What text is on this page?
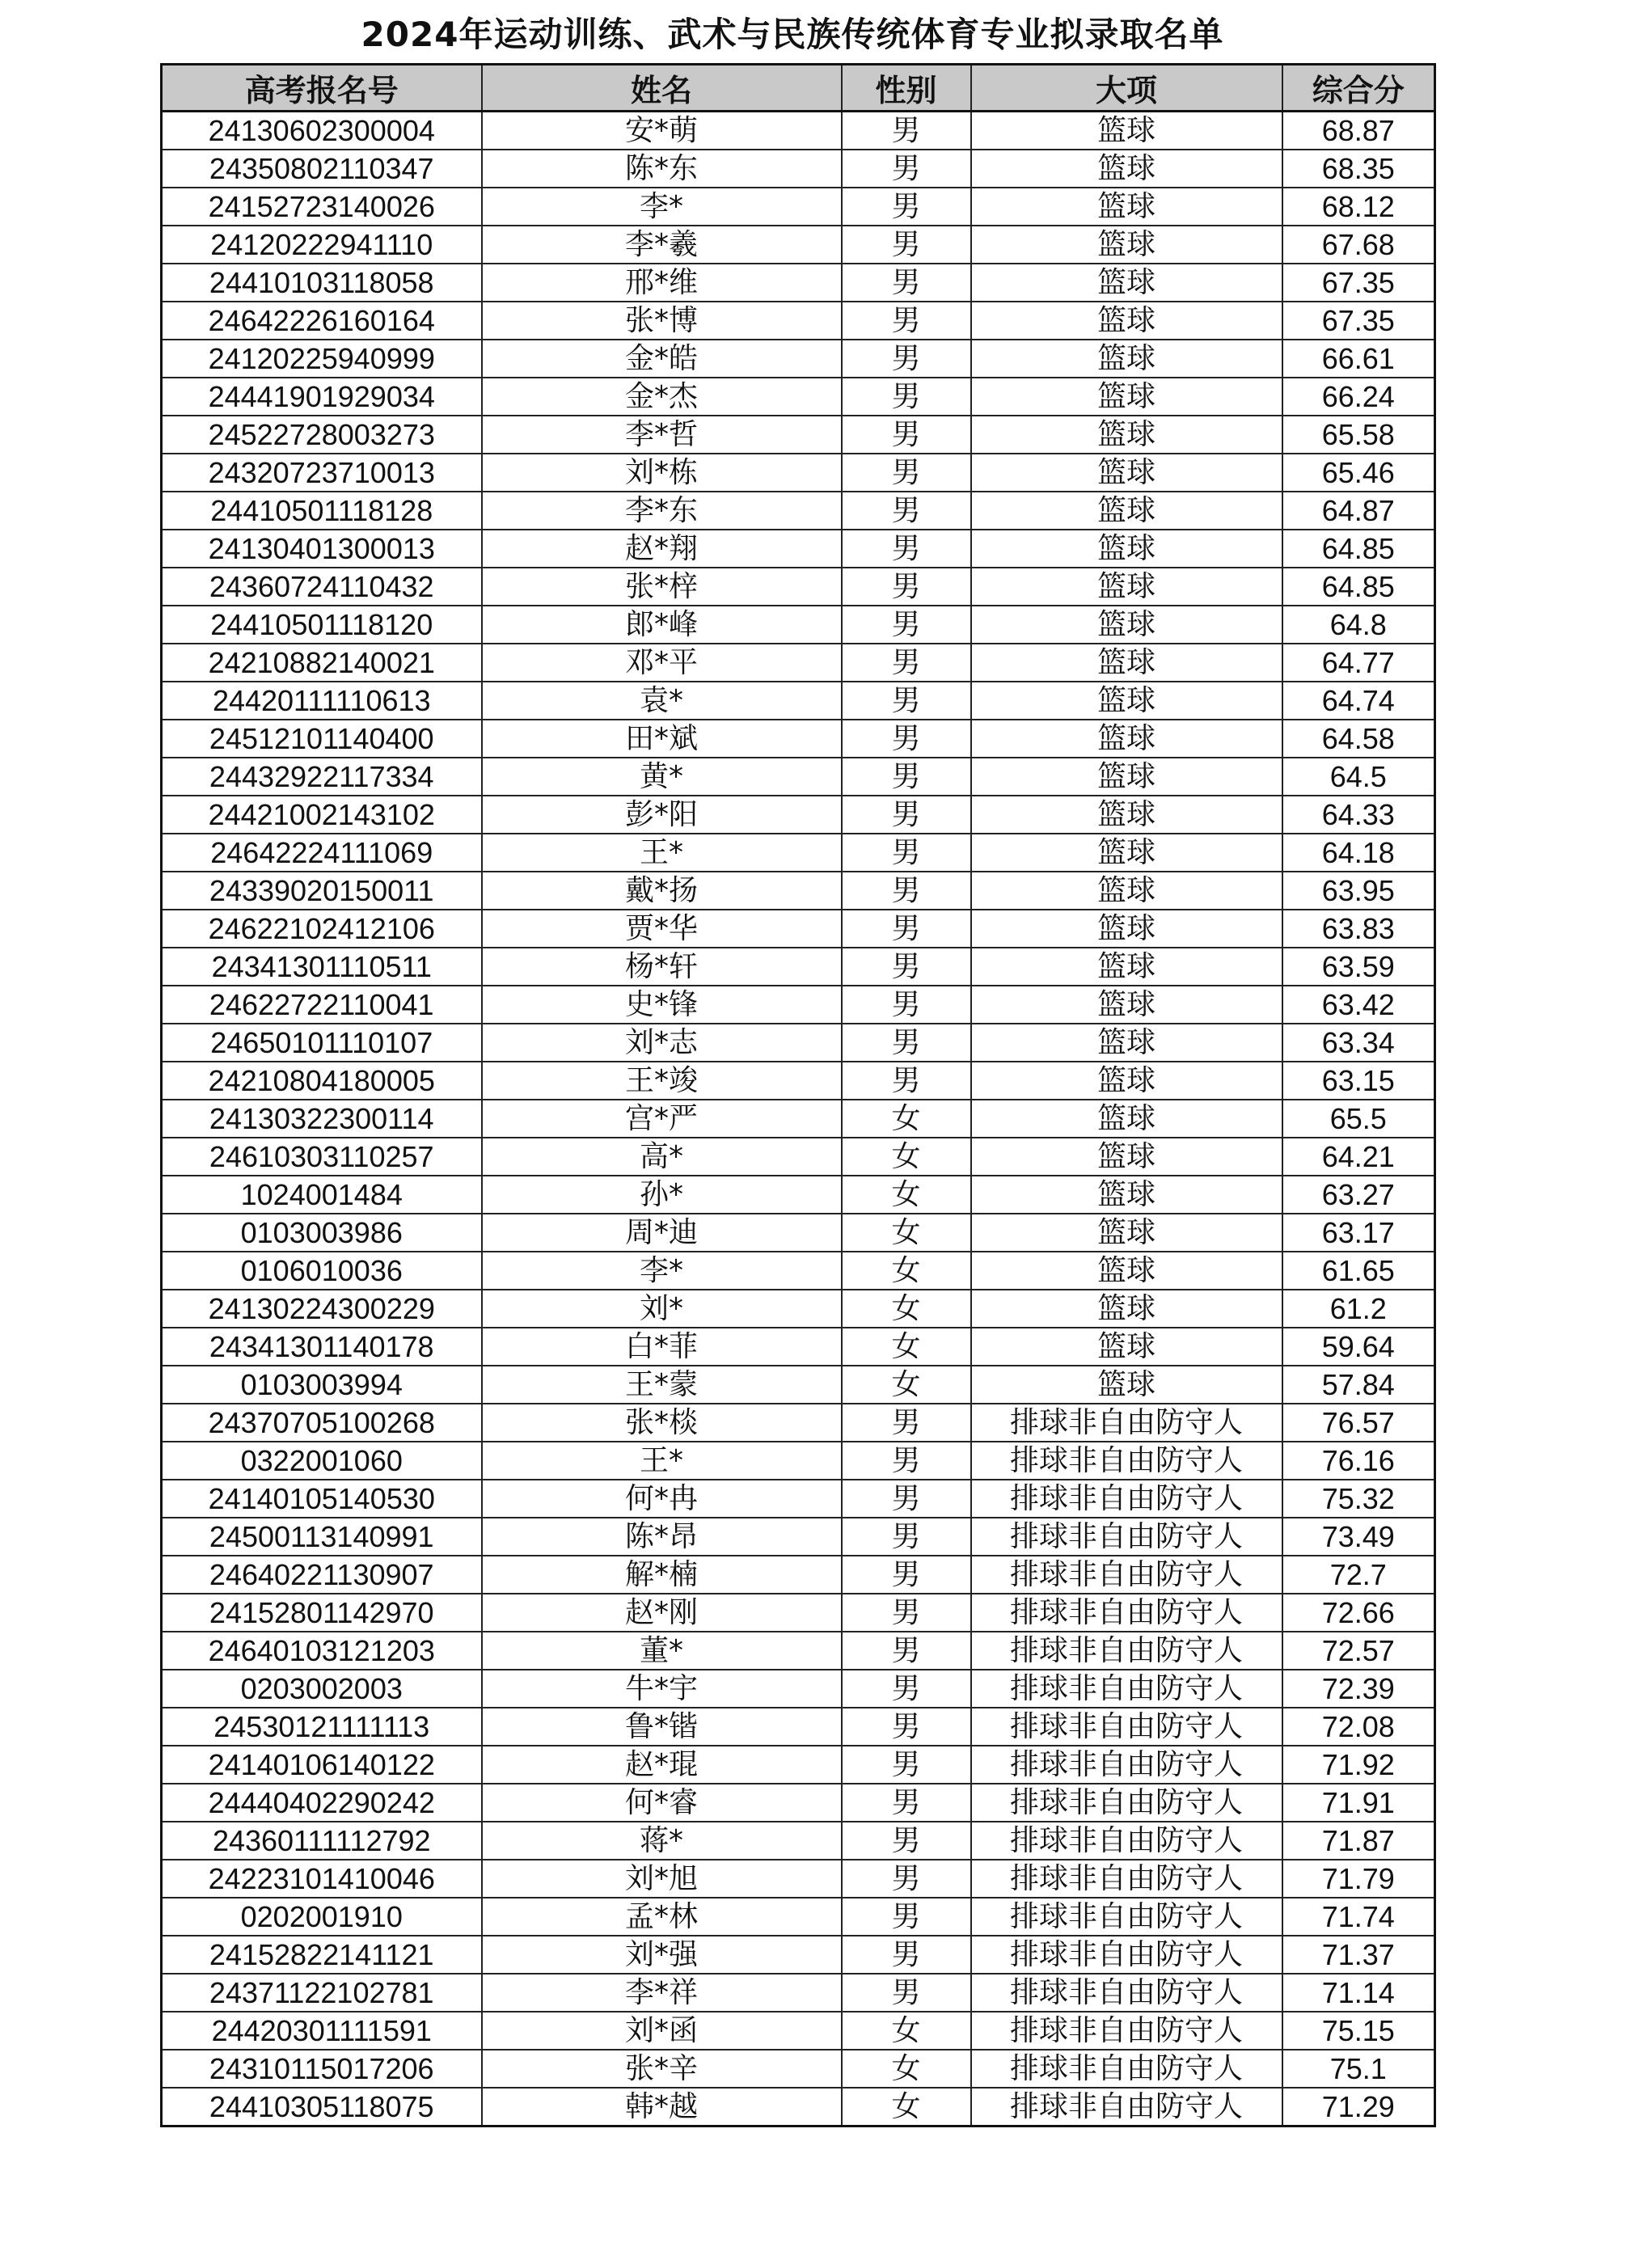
2024年运动训练、武术与民族传统体育专业拟录取名单
高考报名号	姓名	性别	大项	综合分
24130602300004	安*萌	男	篮球	68.87
24350802110347	陈*东	男	篮球	68.35
24152723140026	李*	男	篮球	68.12
24120222941110	李*羲	男	篮球	67.68
24410103118058	邢*维	男	篮球	67.35
24642226160164	张*博	男	篮球	67.35
24120225940999	金*皓	男	篮球	66.61
24441901929034	金*杰	男	篮球	66.24
24522728003273	李*哲	男	篮球	65.58
24320723710013	刘*栋	男	篮球	65.46
24410501118128	李*东	男	篮球	64.87
24130401300013	赵*翔	男	篮球	64.85
24360724110432	张*梓	男	篮球	64.85
24410501118120	郎*峰	男	篮球	64.8
24210882140021	邓*平	男	篮球	64.77
24420111110613	袁*	男	篮球	64.74
24512101140400	田*斌	男	篮球	64.58
24432922117334	黄*	男	篮球	64.5
24421002143102	彭*阳	男	篮球	64.33
24642224111069	王*	男	篮球	64.18
24339020150011	戴*扬	男	篮球	63.95
24622102412106	贾*华	男	篮球	63.83
24341301110511	杨*轩	男	篮球	63.59
24622722110041	史*锋	男	篮球	63.42
24650101110107	刘*志	男	篮球	63.34
24210804180005	王*竣	男	篮球	63.15
24130322300114	宫*严	女	篮球	65.5
24610303110257	高*	女	篮球	64.21
1024001484	孙*	女	篮球	63.27
0103003986	周*迪	女	篮球	63.17
0106010036	李*	女	篮球	61.65
24130224300229	刘*	女	篮球	61.2
24341301140178	白*菲	女	篮球	59.64
0103003994	王*蒙	女	篮球	57.84
24370705100268	张*棪	男	排球非自由防守人	76.57
0322001060	王*	男	排球非自由防守人	76.16
24140105140530	何*冉	男	排球非自由防守人	75.32
24500113140991	陈*昂	男	排球非自由防守人	73.49
24640221130907	解*楠	男	排球非自由防守人	72.7
24152801142970	赵*刚	男	排球非自由防守人	72.66
24640103121203	董*	男	排球非自由防守人	72.57
0203002003	牛*宇	男	排球非自由防守人	72.39
24530121111113	鲁*锴	男	排球非自由防守人	72.08
24140106140122	赵*琨	男	排球非自由防守人	71.92
24440402290242	何*睿	男	排球非自由防守人	71.91
24360111112792	蒋*	男	排球非自由防守人	71.87
24223101410046	刘*旭	男	排球非自由防守人	71.79
0202001910	孟*林	男	排球非自由防守人	71.74
24152822141121	刘*强	男	排球非自由防守人	71.37
24371122102781	李*祥	男	排球非自由防守人	71.14
24420301111591	刘*函	女	排球非自由防守人	75.15
24310115017206	张*辛	女	排球非自由防守人	75.1
24410305118075	韩*越	女	排球非自由防守人	71.29
